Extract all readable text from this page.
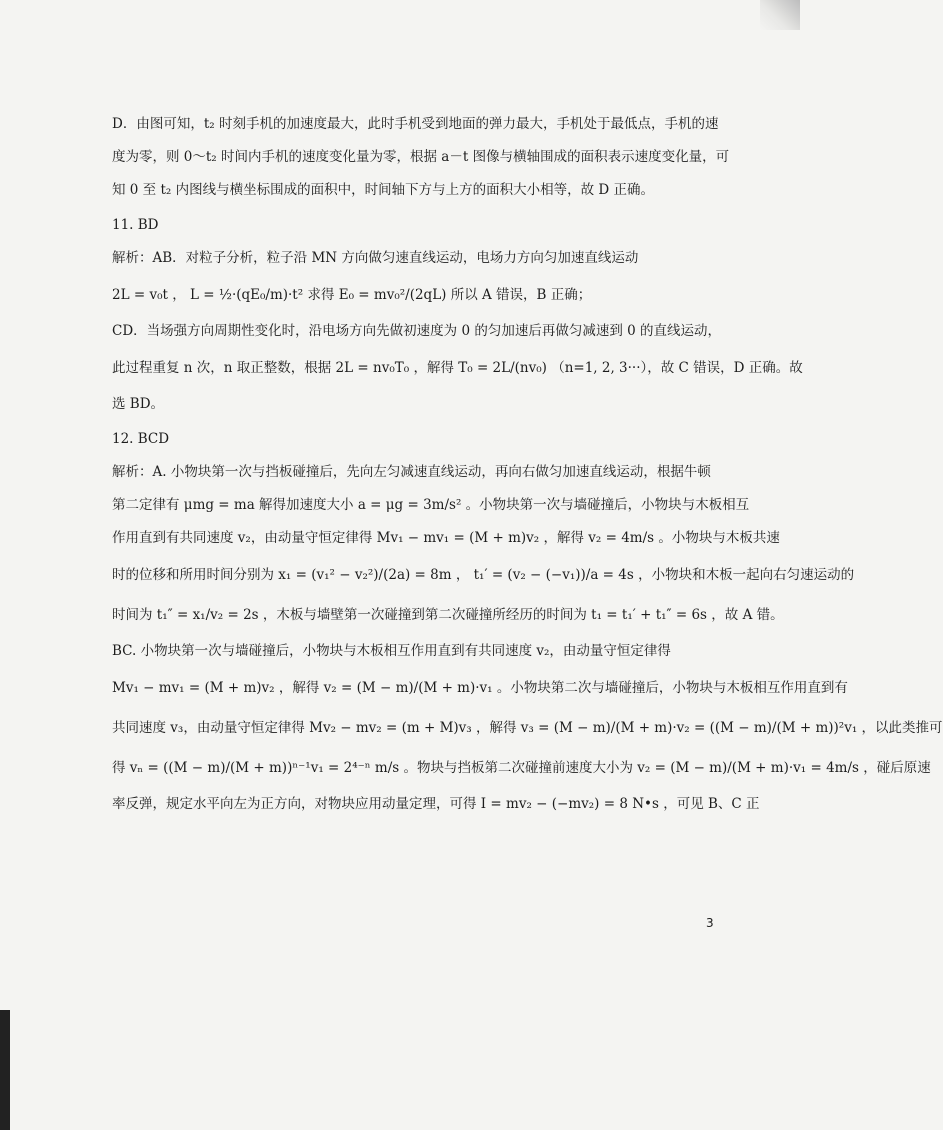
D．由图可知，t₂ 时刻手机的加速度最大，此时手机受到地面的弹力最大，手机处于最低点，手机的速
度为零，则 0～t₂ 时间内手机的速度变化量为零，根据 a－t 图像与横轴围成的面积表示速度变化量，可
知 0 至 t₂ 内图线与横坐标围成的面积中，时间轴下方与上方的面积大小相等，故 D 正确。
11. BD
解析：AB．对粒子分析，粒子沿 MN 方向做匀速直线运动，电场力方向匀加速直线运动
2L = v₀t ， L = ½·(qE₀/m)·t² 求得 E₀ = mv₀²/(2qL) 所以 A 错误，B 正确；
CD．当场强方向周期性变化时，沿电场方向先做初速度为 0 的匀加速后再做匀减速到 0 的直线运动，
此过程重复 n 次，n 取正整数，根据 2L = nv₀T₀ ，解得 T₀ = 2L/(nv₀) （n=1, 2, 3···），故 C 错误，D 正确。故
选 BD。
12. BCD
解析：A. 小物块第一次与挡板碰撞后，先向左匀减速直线运动，再向右做匀加速直线运动，根据牛顿
第二定律有 μmg = ma 解得加速度大小 a = μg = 3m/s² 。小物块第一次与墙碰撞后，小物块与木板相互
作用直到有共同速度 v₂，由动量守恒定律得 Mv₁ − mv₁ = (M + m)v₂ ，解得 v₂ = 4m/s 。小物块与木板共速
时的位移和所用时间分别为 x₁ = (v₁² − v₂²)/(2a) = 8m ， t₁′ = (v₂ − (−v₁))/a = 4s ，小物块和木板一起向右匀速运动的
时间为 t₁″ = x₁/v₂ = 2s ，木板与墙壁第一次碰撞到第二次碰撞所经历的时间为 t₁ = t₁′ + t₁″ = 6s ，故 A 错。
BC. 小物块第一次与墙碰撞后，小物块与木板相互作用直到有共同速度 v₂，由动量守恒定律得
Mv₁ − mv₁ = (M + m)v₂ ，解得 v₂ = (M − m)/(M + m)·v₁ 。小物块第二次与墙碰撞后，小物块与木板相互作用直到有
共同速度 v₃，由动量守恒定律得 Mv₂ − mv₂ = (m + M)v₃ ，解得 v₃ = (M − m)/(M + m)·v₂ = ((M − m)/(M + m))²v₁ ，以此类推可
得 vₙ = ((M − m)/(M + m))ⁿ⁻¹v₁ = 2⁴⁻ⁿ m/s 。物块与挡板第二次碰撞前速度大小为 v₂ = (M − m)/(M + m)·v₁ = 4m/s ，碰后原速
率反弹，规定水平向左为正方向，对物块应用动量定理，可得 I = mv₂ − (−mv₂) = 8 N•s ，可见 B、C 正
3
